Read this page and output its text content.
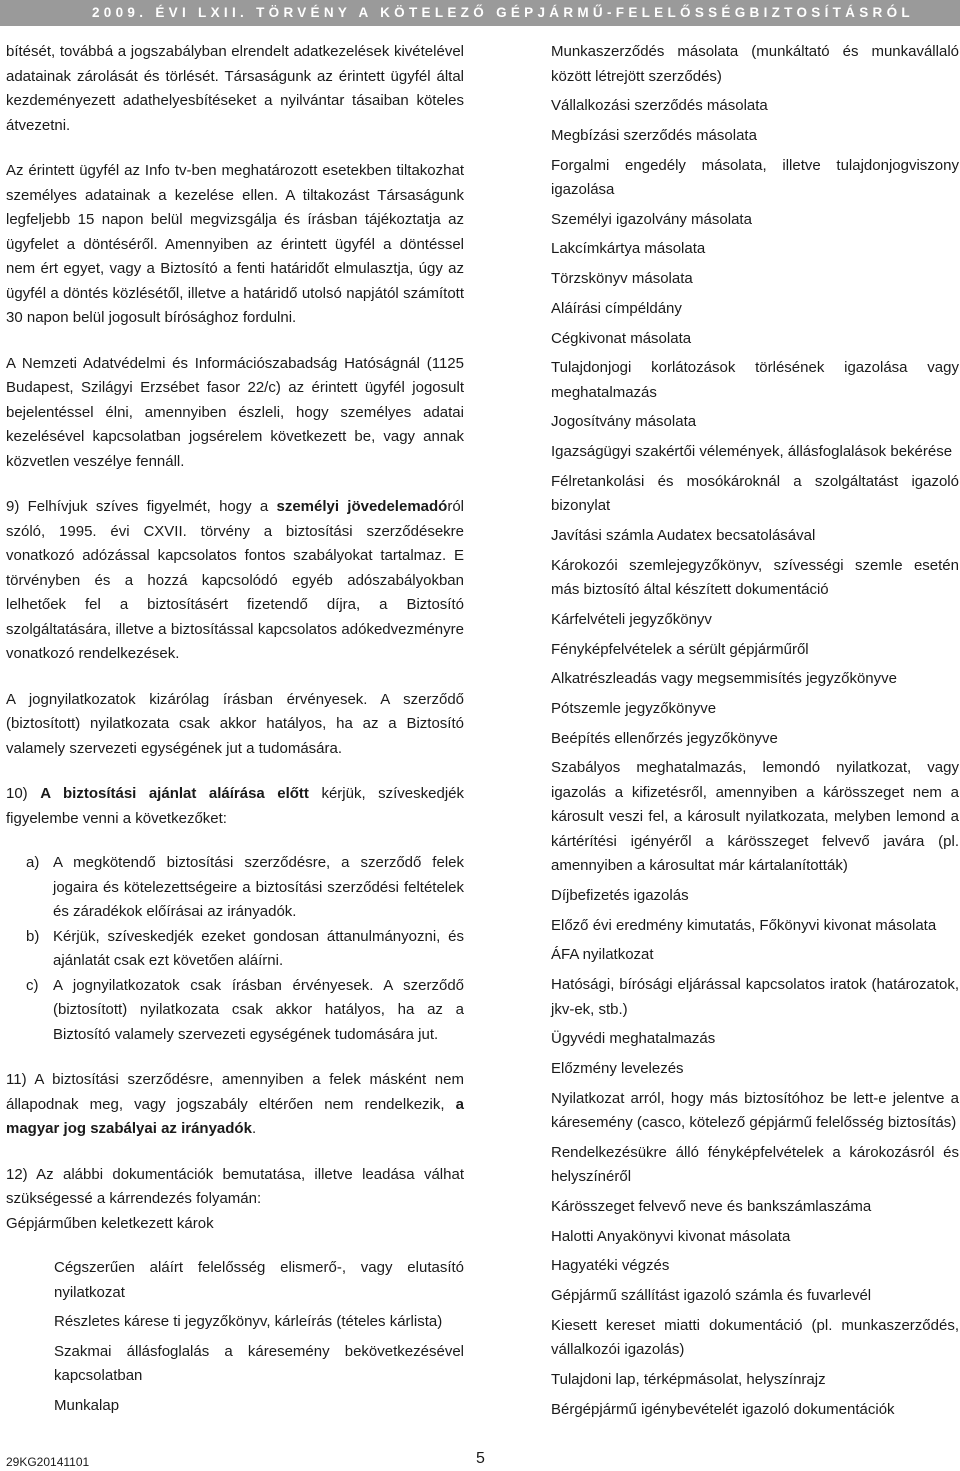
2009. ÉVI LXII. TÖRVÉNY A KÖTELEZŐ GÉPJÁRMŰ-FELELŐSSÉGBIZTOSÍTÁSRÓL

bítését, továbbá a jogszabályban elrendelt adatkezelések kivételével adatainak zárolását és törlését. Társaságunk az érintett ügyfél által kezdeményezett adathelyesbítéseket a nyilvántar tásaiban köteles átvezetni.

Az érintett ügyfél az Info tv-ben meghatározott esetekben tiltakozhat személyes adatainak a kezelése ellen. A tiltakozást Társaságunk legfeljebb 15 napon belül megvizsgálja és írásban tájékoztatja az ügyfelet a döntéséről. Amennyiben az érintett ügyfél a döntéssel nem ért egyet, vagy a Biztosító a fenti határidőt elmulasztja, úgy az ügyfél a döntés közlésétől, illetve a határidő utolsó napjától számított 30 napon belül jogosult bírósághoz fordulni.

A Nemzeti Adatvédelmi és Információszabadság Hatóságnál (1125 Budapest, Szilágyi Erzsébet fasor 22/c) az érintett ügyfél jogosult bejelentéssel élni, amennyiben észleli, hogy személyes adatai kezelésével kapcsolatban jogsérelem következett be, vagy annak közvetlen veszélye fennáll.

9) Felhívjuk szíves figyelmét, hogy a személyi jövedelemadóról szóló, 1995. évi CXVII. törvény a biztosítási szerződésekre vonatkozó adózással kapcsolatos fontos szabályokat tartalmaz. E törvényben és a hozzá kapcsolódó egyéb adószabályokban lelhetőek fel a biztosításért fizetendő díjra, a Biztosító szolgáltatására, illetve a biztosítással kapcsolatos adókedvezményre vonatkozó rendelkezések.

A jognyilatkozatok kizárólag írásban érvényesek. A szerződő (biztosított) nyilatkozata csak akkor hatályos, ha az a Biztosító valamely szervezeti egységének jut a tudomására.

10) A biztosítási ajánlat aláírása előtt kérjük, szíveskedjék figyelembe venni a következőket:

a) A megkötendő biztosítási szerződésre, a szerződő felek jogaira és kötelezettségeire a biztosítási szerződési feltételek és záradékok előírásai az irányadók.
b) Kérjük, szíveskedjék ezeket gondosan áttanulmányozni, és ajánlatát csak ezt követően aláírni.
c) A jognyilatkozatok csak írásban érvényesek. A szerződő (biztosított) nyilatkozata csak akkor hatályos, ha az a Biztosító valamely szervezeti egységének tudomására jut.

11) A biztosítási szerződésre, amennyiben a felek másként nem állapodnak meg, vagy jogszabály eltérően nem rendelkezik, a magyar jog szabályai az irányadók.

12) Az alábbi dokumentációk bemutatása, illetve leadása válhat szükségessé a kárrendezés folyamán:

Gépjárműben keletkezett károk

Cégszerűen aláírt felelősség elismerő-, vagy elutasító nyilatkozat

Részletes kárese ti jegyzőkönyv, kárleírás (tételes kárlista)

Szakmai állásfoglalás a káresemény bekövetkezésével kapcsolatban

Munkalap

Munkaszerződés másolata (munkáltató és munkavállaló között létrejött szerződés)

Vállalkozási szerződés másolata

Megbízási szerződés másolata

Forgalmi engedély másolata, illetve tulajdonjogviszony igazolása

Személyi igazolvány másolata

Lakcímkártya másolata

Törzskönyv másolata

Aláírási címpéldány

Cégkivonat másolata

Tulajdonjogi korlátozások törlésének igazolása vagy meghatalmazás

Jogosítvány másolata

Igazságügyi szakértői vélemények, állásfoglalások bekérése

Félretankolási és mosókároknál a szolgáltatást igazoló bizonylat

Javítási számla Audatex becsatolásával

Károkozói szemlejegyzőkönyv, szívességi szemle esetén más biztosító által készített dokumentáció

Kárfelvételi jegyzőkönyv

Fényképfelvételek a sérült gépjárműről

Alkatrészleadás vagy megsemmisítés jegyzőkönyve

Pótszemle jegyzőkönyve

Beépítés ellenőrzés jegyzőkönyve

Szabályos meghatalmazás, lemondó nyilatkozat, vagy igazolás a kifizetésről, amennyiben a kárösszeget nem a károsult veszi fel, a károsult nyilatkozata, melyben lemond a kártérítési igényéről a kárösszeget felvevő javára (pl. amennyiben a károsultat már kártalanították)

Díjbefizetés igazolás

Előző évi eredmény kimutatás, Főkönyvi kivonat másolata

ÁFA nyilatkozat

Hatósági, bírósági eljárással kapcsolatos iratok (határozatok, jkv-ek, stb.)

Ügyvédi meghatalmazás

Előzmény levelezés

Nyilatkozat arról, hogy más biztosítóhoz be lett-e jelentve a káresemény (casco, kötelező gépjármű felelősség biztosítás)

Rendelkezésükre álló fényképfelvételek a károkozásról és helyszínéről

Kárösszeget felvevő neve és bankszámlaszáma

Halotti Anyakönyvi kivonat másolata

Hagyatéki végzés

Gépjármű szállítást igazoló számla és fuvarlevél

Kiesett kereset miatti dokumentáció (pl. munkaszerződés, vállalkozói igazolás)

Tulajdoni lap, térképmásolat, helyszínrajz

Bérgépjármű igénybevételét igazoló dokumentációk

29KG20141101	5
